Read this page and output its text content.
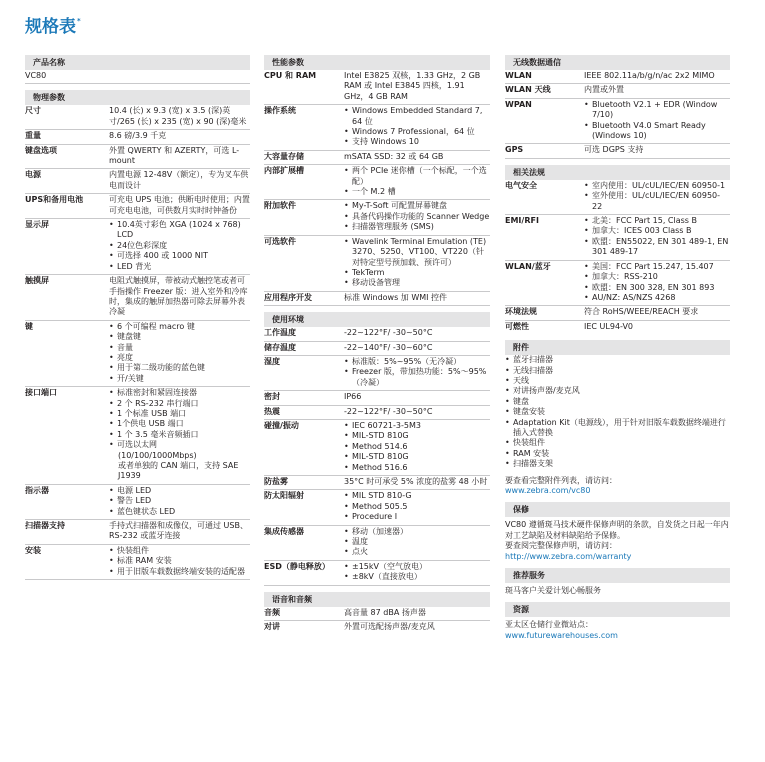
规格表*
产品名称
VC80
物理参数
尺寸	10.4 (长) x 9.3 (宽) x 3.5 (深)英寸/265 (长) x 235 (宽) x 90 (深)毫米
重量	8.6 磅/3.9 千克
键盘选项	外置 QWERTY 和 AZERTY，可选 L-mount
电源	内置电源 12-48V（额定），专为叉车供电而设计
UPS和备用电池	可充电 UPS 电池；供断电时使用；内置可充电电池，可供数月实时时钟备份
显示屏	• 10.4英寸彩色 XGA (1024 x 768) LCD
• 24位色彩深度
• 可选择 400 或 1000 NIT
• LED 背光
触摸屏	电阻式触摸屏，带被动式触控笔或者可手指操作 Freezer 版：进入室外和冷库时，集成的触屏加热器可除去屏幕外表冷凝
键	• 6 个可编程 macro 键
• 键盘键
• 音量
• 亮度
• 用于第二级功能的蓝色键
• 开/关键
接口端口	• 标准密封和紧固连接器
• 2 个 RS-232 串行端口
• 1 个标准 USB 端口
• 1个供电 USB 端口
• 1 个 3.5 毫米音频插口
• 可选以太网
(10/100/1000Mbps)
或者单独的 CAN 端口，支持 SAE J1939
指示器	• 电源 LED
• 警告 LED
• 蓝色键状态 LED
扫描器支持	手持式扫描器和成像仪，可通过 USB、RS-232 或蓝牙连接
安装	• 快装组件
• 标准 RAM 安装
• 用于旧版车载数据终端安装的适配器
性能参数
CPU 和 RAM	Intel E3825 双核，1.33 GHz，2 GB RAM 或 Intel E3845 四核，1.91 GHz，4 GB RAM
操作系统	• Windows Embedded Standard 7, 64 位
• Windows 7 Professional，64 位
• 支持 Windows 10
大容量存储	mSATA SSD: 32 或 64 GB
内部扩展槽	• 两个 PCIe 迷你槽（一个标配，一个选配）
• 一个 M.2 槽
附加软件	• My-T-Soft 可配置屏幕键盘
• 具备代码操作功能的 Scanner Wedge
• 扫描器管理服务 (SMS)
可选软件	• Wavelink Terminal Emulation (TE) 3270、5250、VT100、VT220（针对特定型号预加载、预许可）
• TekTerm
• 移动设备管理
应用程序开发	标准 Windows 加 WMI 控件
使用环境
工作温度	-22~122°F/ -30~50°C
储存温度	-22~140°F/ -30~60°C
湿度	• 标准版：5%~95%（无冷凝）
• Freezer 版，带加热功能：5%～95%（冷凝）
密封	IP66
热震	-22~122°F/ -30~50°C
碰撞/振动	• IEC 60721-3-5M3
• MIL-STD 810G
• Method 514.6
• MIL-STD 810G
• Method 516.6
防盐雾	35°C 时可承受 5% 浓度的盐雾 48 小时
防太阳辐射	• MIL STD 810-G
• Method 505.5
• Procedure I
集成传感器	• 移动（加速器）
• 温度
• 点火
ESD（静电释放）	• ±15kV（空气放电）
• ±8kV（直接放电）
语音和音频
音频	高音量 87 dBA 扬声器
对讲	外置可选配扬声器/麦克风
无线数据通信
WLAN	IEEE 802.11a/b/g/n/ac 2x2 MIMO
WLAN 天线	内置或外置
WPAN	• Bluetooth V2.1 + EDR (Window 7/10)
• Bluetooth V4.0 Smart Ready (Windows 10)
GPS	可选 DGPS 支持
相关法规
电气安全	• 室内使用：UL/cUL/IEC/EN 60950-1
• 室外使用：UL/cUL/IEC/EN 60950-22
EMI/RFI	• 北美：FCC Part 15, Class B
• 加拿大：ICES 003 Class B
• 欧盟：EN55022, EN 301 489-1, EN 301 489-17
WLAN/蓝牙	• 美国：FCC Part 15.247, 15.407
• 加拿大：RSS-210
• 欧盟：EN 300 328, EN 301 893
• AU/NZ: AS/NZS 4268
环境法规	符合 RoHS/WEEE/REACH 要求
可燃性	IEC UL94-V0
附件
• 蓝牙扫描器
• 无线扫描器
• 天线
• 对讲扬声器/麦克风
• 键盘
• 键盘安装
• Adaptation Kit（电源线），用于针对旧版车载数据终端进行插入式替换
• 快装组件
• RAM 安装
• 扫描器支架
要查看完整附件列表，请访问：
www.zebra.com/vc80
保修
VC80 遵循斑马技术硬件保修声明的条款，自发货之日起一年内对工艺缺陷及材料缺陷给予保修。
要查阅完整保修声明，请访问：
http://www.zebra.com/warranty
推荐服务
斑马客户关爱计划心畅服务
资源
亚太区仓储行业微站点：
www.futurewarehouses.com
